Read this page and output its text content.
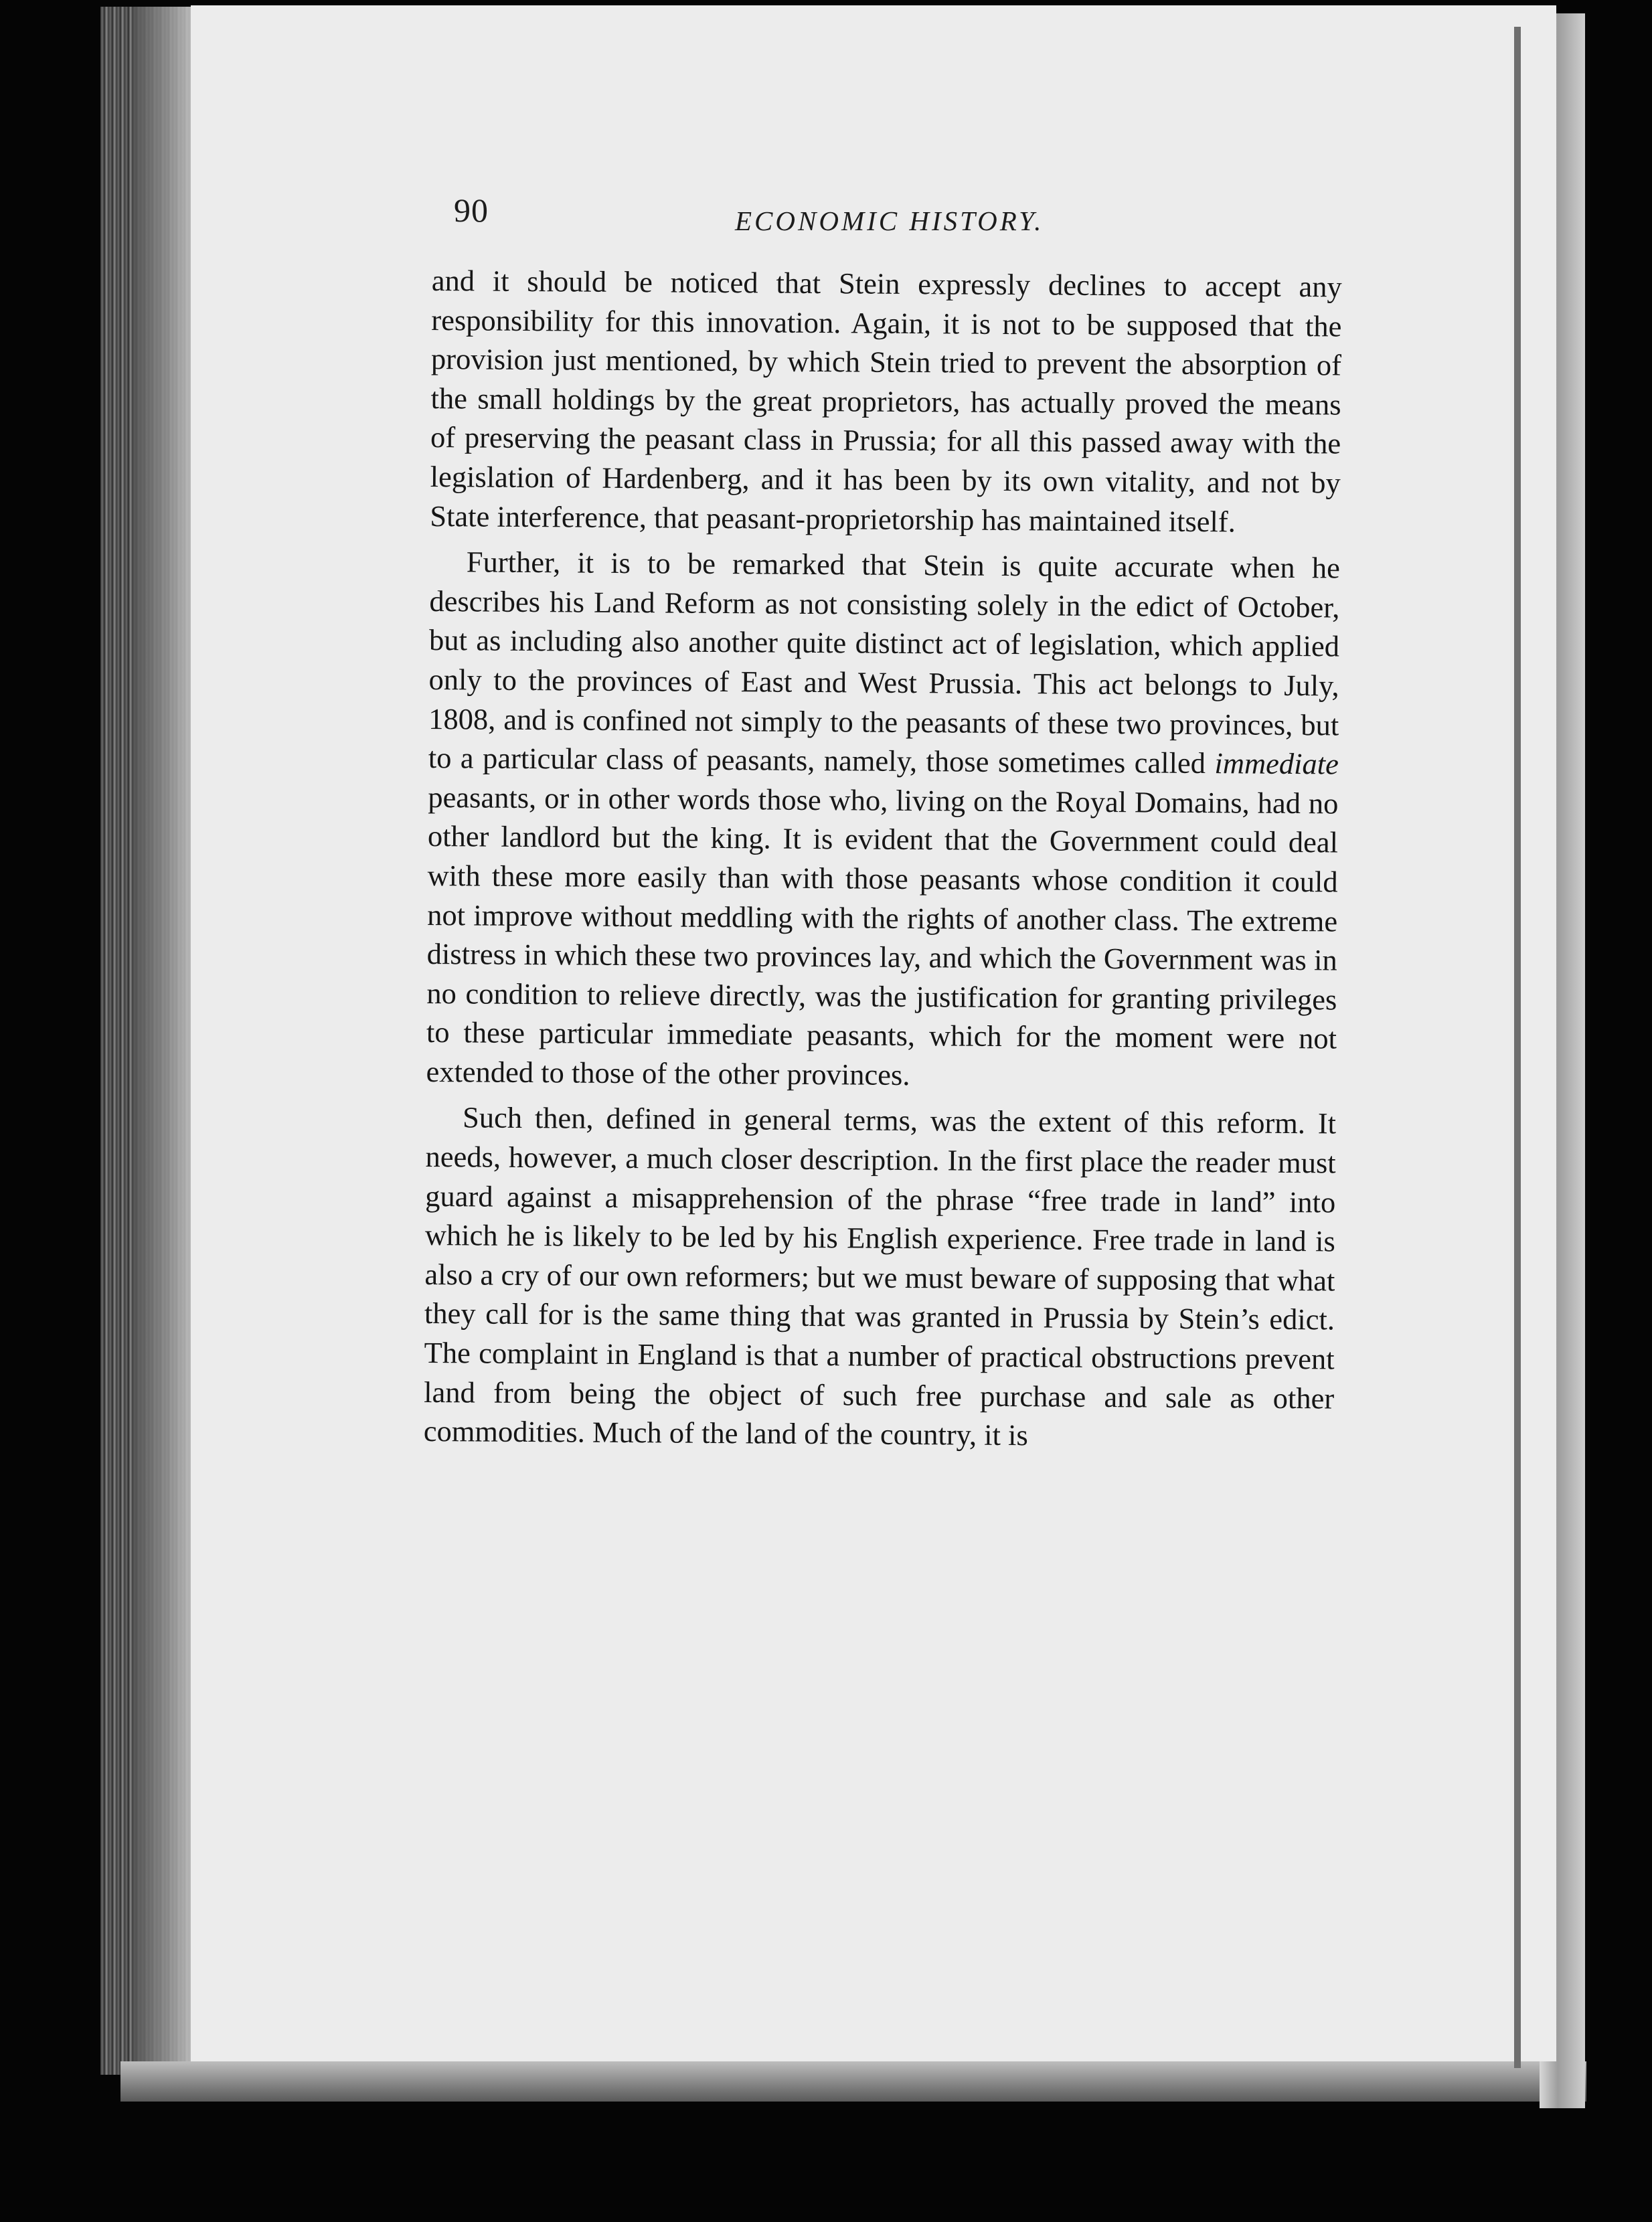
90	ECONOMIC HISTORY.

and it should be noticed that Stein expressly declines to accept any responsibility for this innovation. Again, it is not to be supposed that the provision just mentioned, by which Stein tried to prevent the absorption of the small holdings by the great proprietors, has actually proved the means of preserving the peasant class in Prussia; for all this passed away with the legislation of Hardenberg, and it has been by its own vitality, and not by State interference, that peasant-proprietorship has maintained itself.

Further, it is to be remarked that Stein is quite accurate when he describes his Land Reform as not consisting solely in the edict of October, but as including also another quite distinct act of legislation, which applied only to the provinces of East and West Prussia. This act belongs to July, 1808, and is confined not simply to the peasants of these two provinces, but to a particular class of peasants, namely, those sometimes called immediate peasants, or in other words those who, living on the Royal Domains, had no other landlord but the king. It is evident that the Government could deal with these more easily than with those peasants whose condition it could not improve without meddling with the rights of another class. The extreme distress in which these two provinces lay, and which the Government was in no condition to relieve directly, was the justification for granting privileges to these particular immediate peasants, which for the moment were not extended to those of the other provinces.

Such then, defined in general terms, was the extent of this reform. It needs, however, a much closer description. In the first place the reader must guard against a misapprehension of the phrase “free trade in land” into which he is likely to be led by his English experience. Free trade in land is also a cry of our own reformers; but we must beware of supposing that what they call for is the same thing that was granted in Prussia by Stein’s edict. The complaint in England is that a number of practical obstructions prevent land from being the object of such free purchase and sale as other commodities. Much of the land of the country, it is
